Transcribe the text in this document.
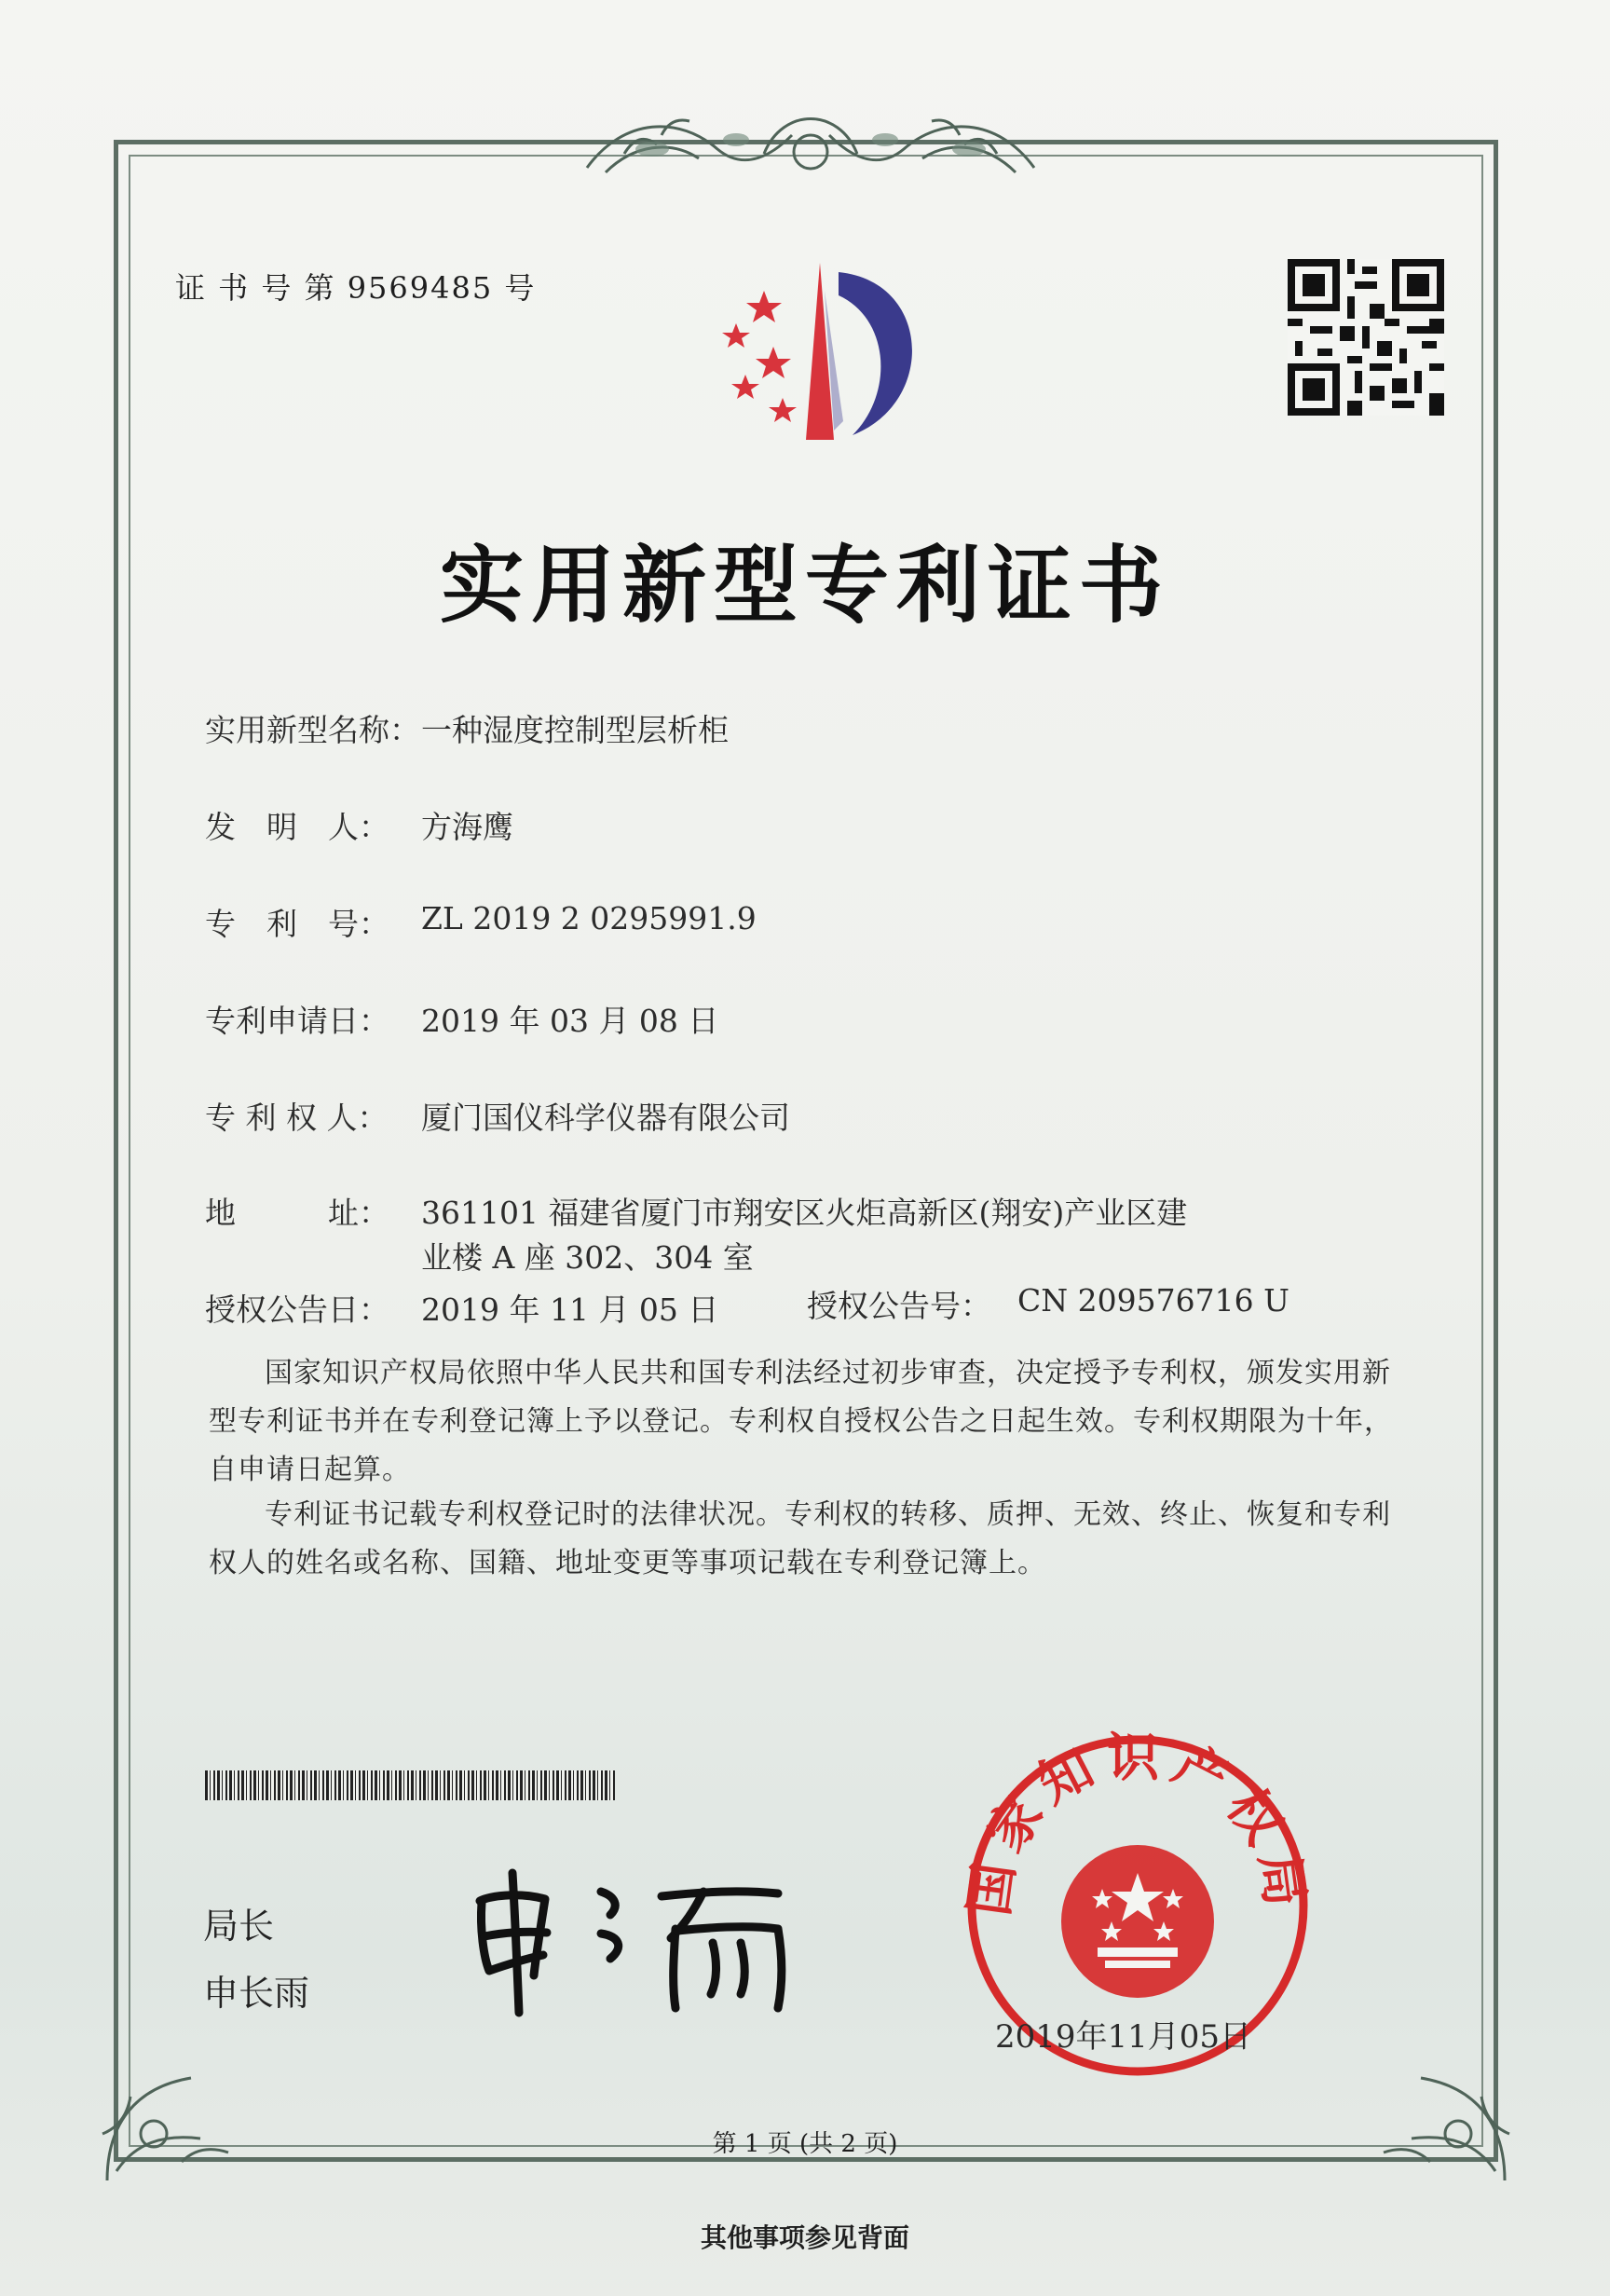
证 书 号 第 9569485 号
实用新型专利证书
实用新型名称： 一种湿度控制型层析柜
发　明　人： 方海鹰
专　利　号： ZL 2019 2 0295991.9
专利申请日： 2019 年 03 月 08 日
专 利 权 人： 厦门国仪科学仪器有限公司
地　　　址： 361101 福建省厦门市翔安区火炬高新区(翔安)产业区建
业楼 A 座 302、304 室
授权公告日： 2019 年 11 月 05 日	授权公告号： CN 209576716 U
国家知识产权局依照中华人民共和国专利法经过初步审查，决定授予专利权，颁发实用新型专利证书并在专利登记簿上予以登记。专利权自授权公告之日起生效。专利权期限为十年，自申请日起算。
专利证书记载专利权登记时的法律状况。专利权的转移、质押、无效、终止、恢复和专利权人的姓名或名称、国籍、地址变更等事项记载在专利登记簿上。
局长
申长雨
国家知识产权局
2019年11月05日
第 1 页 (共 2 页)
其他事项参见背面
